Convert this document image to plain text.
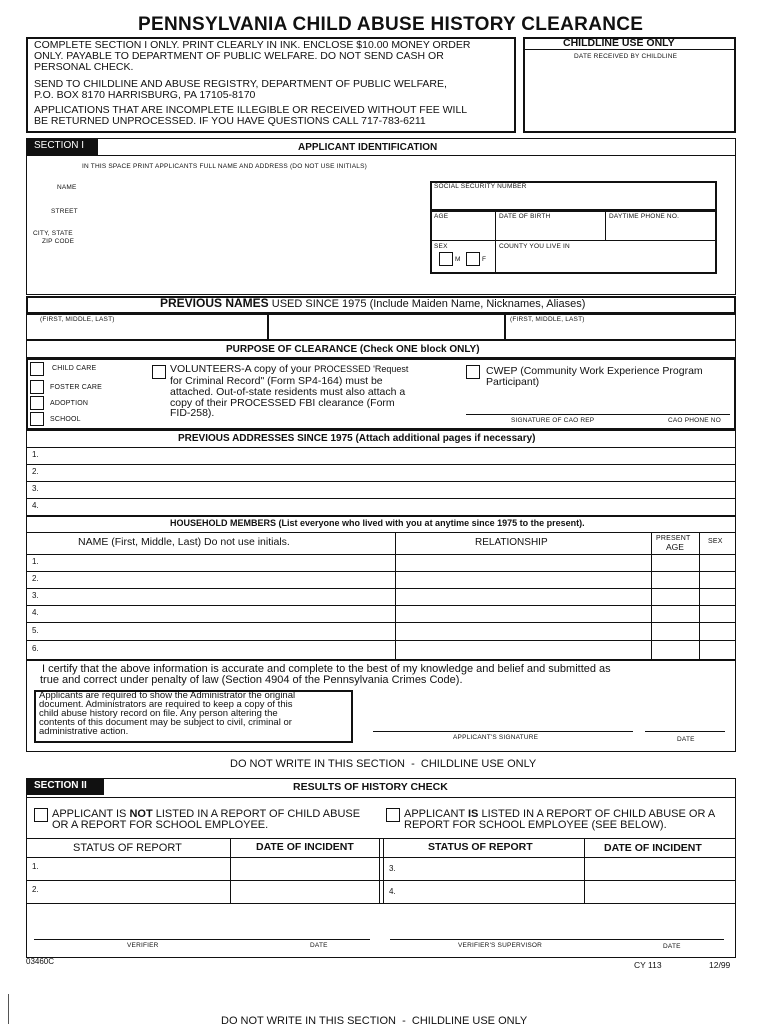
PENNSYLVANIA CHILD ABUSE HISTORY CLEARANCE
COMPLETE SECTION I ONLY. PRINT CLEARLY IN INK. ENCLOSE $10.00 MONEY ORDER
ONLY. PAYABLE TO DEPARTMENT OF PUBLIC WELFARE. DO NOT SEND CASH OR
PERSONAL CHECK.
SEND TO CHILDLINE AND ABUSE REGISTRY, DEPARTMENT OF PUBLIC WELFARE,
P.O. BOX 8170 HARRISBURG, PA 17105-8170
APPLICATIONS THAT ARE INCOMPLETE ILLEGIBLE OR RECEIVED WITHOUT FEE WILL
BE RETURNED UNPROCESSED. IF YOU HAVE QUESTIONS CALL 717-783-6211
CHILDLINE USE ONLY
DATE RECEIVED BY CHILDLINE
SECTION I	APPLICANT IDENTIFICATION
IN THIS SPACE PRINT APPLICANTS FULL NAME AND ADDRESS (DO NOT USE INITIALS)
NAME
STREET
CITY, STATE
ZIP CODE
SOCIAL SECURITY NUMBER
AGE	DATE OF BIRTH	DAYTIME PHONE NO.
SEX
M	F
COUNTY YOU LIVE IN
PREVIOUS NAMES USED SINCE 1975 (Include Maiden Name, Nicknames, Aliases)
(FIRST, MIDDLE, LAST)	(FIRST, MIDDLE, LAST)
PURPOSE OF CLEARANCE (Check ONE block ONLY)
CHILD CARE
FOSTER CARE
ADOPTION
SCHOOL
VOLUNTEERS-A copy of your PROCESSED 'Request
for Criminal Record" (Form SP4-164) must be
attached. Out-of-state residents must also attach a
copy of their PROCESSED FBI clearance (Form
FID-258).
CWEP (Community Work Experience Program
Participant)
SIGNATURE OF CAO REP	CAO PHONE NO
PREVIOUS ADDRESSES SINCE 1975 (Attach additional pages if necessary)
1.
2.
3.
4.
HOUSEHOLD MEMBERS (List everyone who lived with you at anytime since 1975 to the present).
NAME (First, Middle, Last) Do not use initials.	RELATIONSHIP	PRESENT
AGE
SEX
1.
2.
3.
4.
5.
6.
I certify that the above information is accurate and complete to the best of my knowledge and belief and submitted as
true and correct under penalty of law (Section 4904 of the Pennsylvania Crimes Code).
Applicants are required to show the Administrator the original
document. Administrators are required to keep a copy of this
child abuse history record on file. Any person altering the
contents of this document may be subject to civil, criminal or
administrative action.
APPLICANT'S SIGNATURE	DATE
DO NOT WRITE IN THIS SECTION  -  CHILDLINE USE ONLY
SECTION II	RESULTS OF HISTORY CHECK
APPLICANT IS NOT LISTED IN A REPORT OF CHILD ABUSE
OR A REPORT FOR SCHOOL EMPLOYEE.
APPLICANT IS LISTED IN A REPORT OF CHILD ABUSE OR A
REPORT FOR SCHOOL EMPLOYEE (SEE BELOW).
STATUS OF REPORT	DATE OF INCIDENT	STATUS OF REPORT	DATE OF INCIDENT
1.
2.
3.
4.
VERIFIER	DATE	VERIFIER'S SUPERVISOR	DATE
03460C	CY 113	12/99
DO NOT WRITE IN THIS SECTION  -  CHILDLINE USE ONLY
